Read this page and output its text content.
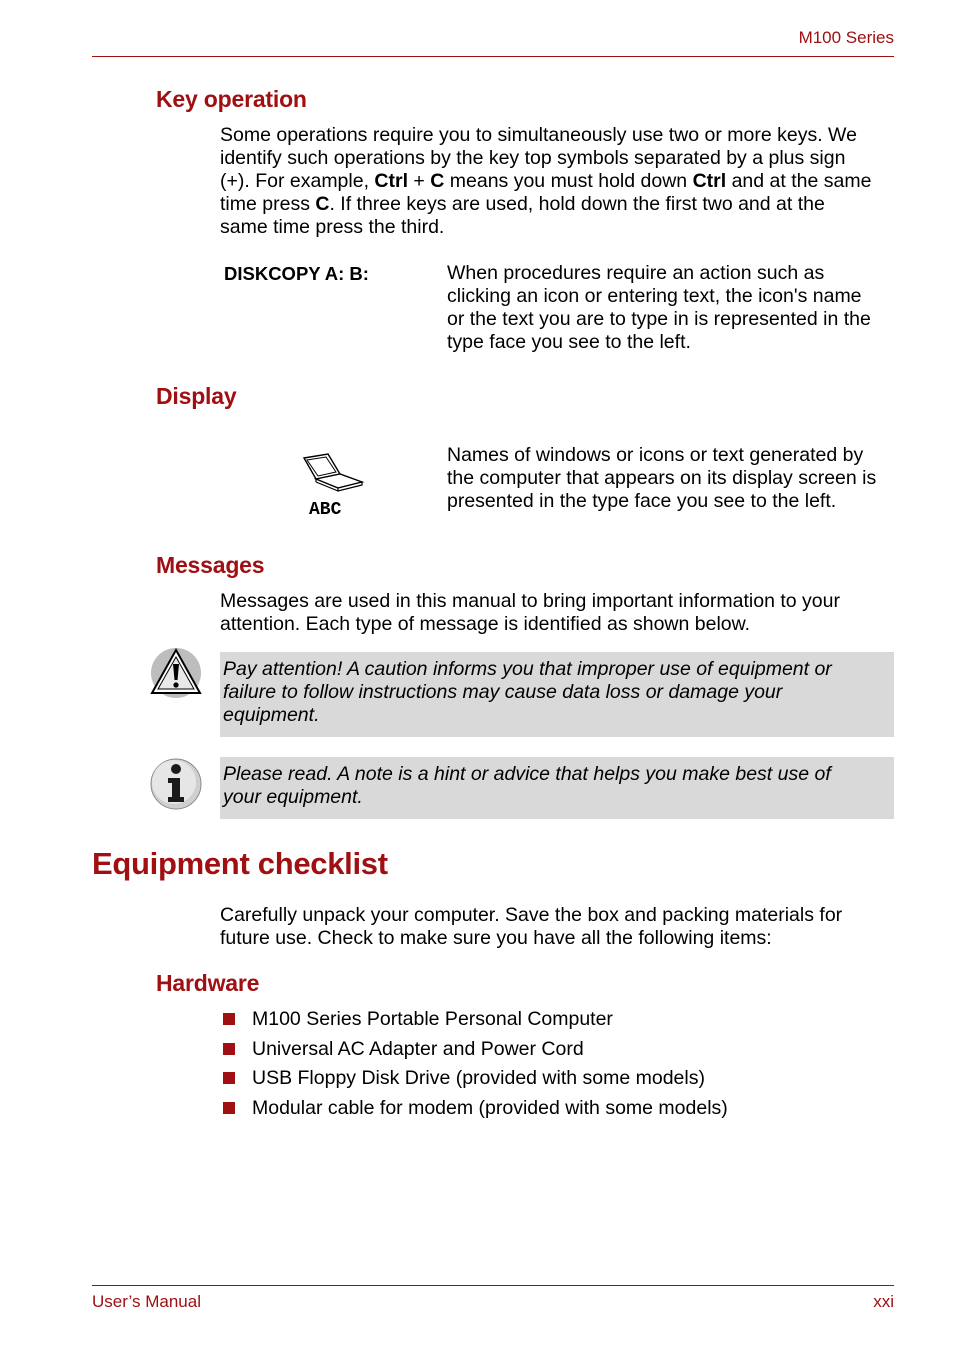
M100 Series
Key operation
Some operations require you to simultaneously use two or more keys. We
identify such operations by the key top symbols separated by a plus sign
(+). For example, Ctrl + C means you must hold down Ctrl and at the same
time press C. If three keys are used, hold down the first two and at the
same time press the third.
DISKCOPY A: B:	When procedures require an action such as
clicking an icon or entering text, the icon's name
or the text you are to type in is represented in the
type face you see to the left.
Display
ABC
Names of windows or icons or text generated by
the computer that appears on its display screen is
presented in the type face you see to the left.
Messages
Messages are used in this manual to bring important information to your
attention. Each type of message is identified as shown below.
Pay attention! A caution informs you that improper use of equipment or
failure to follow instructions may cause data loss or damage your
equipment.
Please read. A note is a hint or advice that helps you make best use of
your equipment.
Equipment checklist
Carefully unpack your computer. Save the box and packing materials for
future use. Check to make sure you have all the following items:
Hardware
M100 Series Portable Personal Computer
Universal AC Adapter and Power Cord
USB Floppy Disk Drive (provided with some models)
Modular cable for modem (provided with some models)
User’s Manual	xxi
